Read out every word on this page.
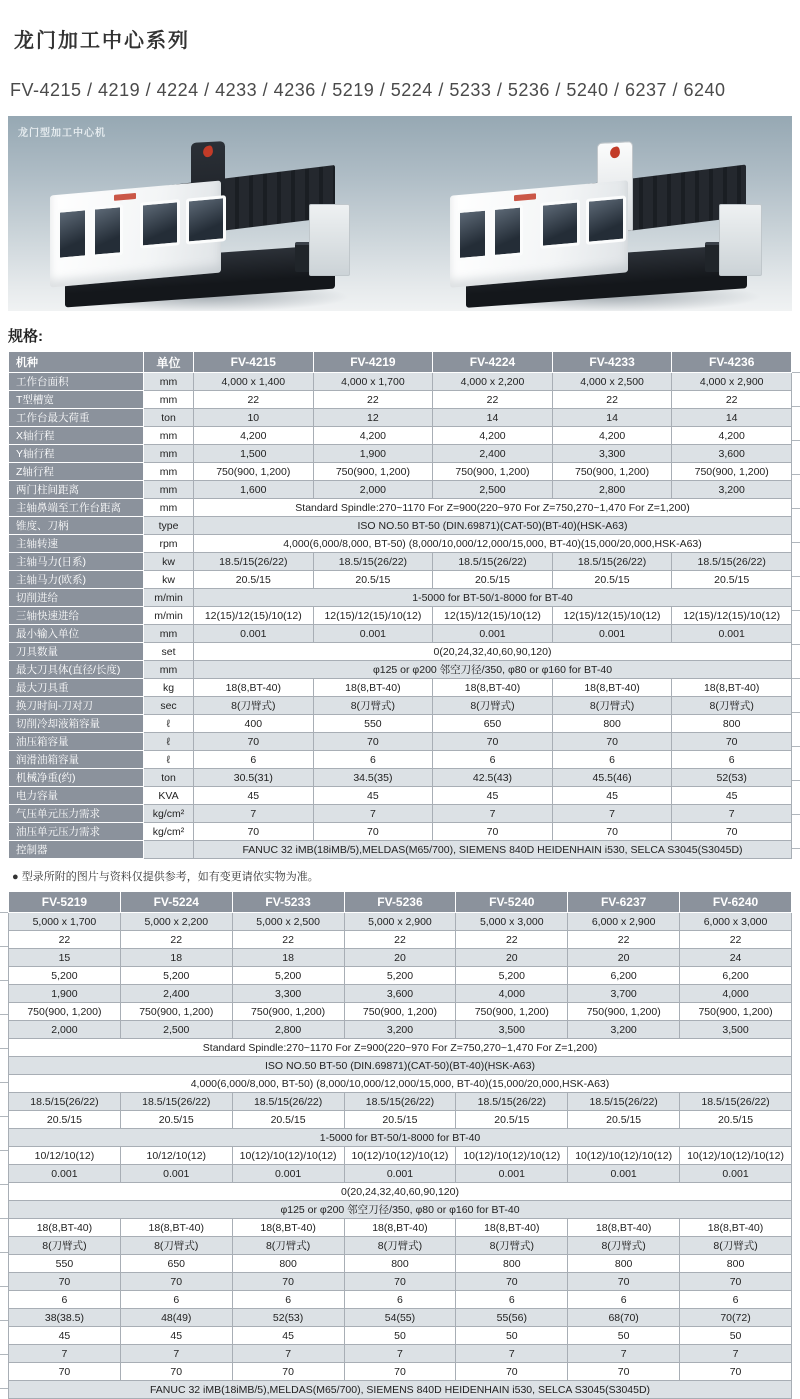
龙门加工中心系列
FV-4215 / 4219 / 4224 / 4233 / 4236 / 5219 / 5224 / 5233 / 5236 / 5240 / 6237 / 6240
龙门型加工中心机
规格:
机种	单位	FV-4215	FV-4219	FV-4224	FV-4233	FV-4236
工作台面积	mm	4,000 x 1,400	4,000 x 1,700	4,000 x 2,200	4,000 x 2,500	4,000 x 2,900
T型槽宽	mm	22	22	22	22	22
工作台最大荷重	ton	10	12	14	14	14
X轴行程	mm	4,200	4,200	4,200	4,200	4,200
Y轴行程	mm	1,500	1,900	2,400	3,300	3,600
Z轴行程	mm	750(900, 1,200)	750(900, 1,200)	750(900, 1,200)	750(900, 1,200)	750(900, 1,200)
两门柱间距离	mm	1,600	2,000	2,500	2,800	3,200
主轴鼻端至工作台距离	mm	Standard Spindle:270~1170 For Z=900(220~970 For Z=750,270~1,470 For Z=1,200)				
锥度、刀柄	type	ISO NO.50 BT-50 (DIN.69871)(CAT-50)(BT-40)(HSK-A63)				
主轴转速	rpm	4,000(6,000/8,000, BT-50) (8,000/10,000/12,000/15,000, BT-40)(15,000/20,000,HSK-A63)				
主轴马力(日系)	kw	18.5/15(26/22)	18.5/15(26/22)	18.5/15(26/22)	18.5/15(26/22)	18.5/15(26/22)
主轴马力(欧系)	kw	20.5/15	20.5/15	20.5/15	20.5/15	20.5/15
切削进给	m/min	1-5000 for BT-50/1-8000 for BT-40				
三轴快速进给	m/min	12(15)/12(15)/10(12)	12(15)/12(15)/10(12)	12(15)/12(15)/10(12)	12(15)/12(15)/10(12)	12(15)/12(15)/10(12)
最小输入单位	mm	0.001	0.001	0.001	0.001	0.001
刀具数量	set	0(20,24,32,40,60,90,120)				
最大刀具体(直径/长度)	mm	φ125 or φ200 邻空刀径/350, φ80 or φ160 for BT-40				
最大刀具重	kg	18(8,BT-40)	18(8,BT-40)	18(8,BT-40)	18(8,BT-40)	18(8,BT-40)
换刀时间-刀对刀	sec	8(刀臂式)	8(刀臂式)	8(刀臂式)	8(刀臂式)	8(刀臂式)
切削冷却液箱容量	ℓ	400	550	650	800	800
油压箱容量	ℓ	70	70	70	70	70
润滑油箱容量	ℓ	6	6	6	6	6
机械净重(约)	ton	30.5(31)	34.5(35)	42.5(43)	45.5(46)	52(53)
电力容量	KVA	45	45	45	45	45
气压单元压力需求	kg/cm²	7	7	7	7	7
油压单元压力需求	kg/cm²	70	70	70	70	70
控制器		FANUC 32 iMB(18iMB/5),MELDAS(M65/700), SIEMENS 840D HEIDENHAIN i530, SELCA S3045(S3045D)				
● 型录所附的图片与资料仅提供参考，如有变更请依实物为准。
FV-5219	FV-5224	FV-5233	FV-5236	FV-5240	FV-6237	FV-6240
5,000 x 1,700	5,000 x 2,200	5,000 x 2,500	5,000 x 2,900	5,000 x 3,000	6,000 x 2,900	6,000 x 3,000
22	22	22	22	22	22	22
15	18	18	20	20	20	24
5,200	5,200	5,200	5,200	5,200	6,200	6,200
1,900	2,400	3,300	3,600	4,000	3,700	4,000
750(900, 1,200)	750(900, 1,200)	750(900, 1,200)	750(900, 1,200)	750(900, 1,200)	750(900, 1,200)	750(900, 1,200)
2,000	2,500	2,800	3,200	3,500	3,200	3,500
Standard Spindle:270~1170 For Z=900(220~970 For Z=750,270~1,470 For Z=1,200)						
ISO NO.50 BT-50 (DIN.69871)(CAT-50)(BT-40)(HSK-A63)						
4,000(6,000/8,000, BT-50) (8,000/10,000/12,000/15,000, BT-40)(15,000/20,000,HSK-A63)						
18.5/15(26/22)	18.5/15(26/22)	18.5/15(26/22)	18.5/15(26/22)	18.5/15(26/22)	18.5/15(26/22)	18.5/15(26/22)
20.5/15	20.5/15	20.5/15	20.5/15	20.5/15	20.5/15	20.5/15
1-5000 for BT-50/1-8000 for BT-40						
10/12/10(12)	10/12/10(12)	10(12)/10(12)/10(12)	10(12)/10(12)/10(12)	10(12)/10(12)/10(12)	10(12)/10(12)/10(12)	10(12)/10(12)/10(12)
0.001	0.001	0.001	0.001	0.001	0.001	0.001
0(20,24,32,40,60,90,120)						
φ125 or φ200 邻空刀径/350, φ80 or φ160 for BT-40						
18(8,BT-40)	18(8,BT-40)	18(8,BT-40)	18(8,BT-40)	18(8,BT-40)	18(8,BT-40)	18(8,BT-40)
8(刀臂式)	8(刀臂式)	8(刀臂式)	8(刀臂式)	8(刀臂式)	8(刀臂式)	8(刀臂式)
550	650	800	800	800	800	800
70	70	70	70	70	70	70
6	6	6	6	6	6	6
38(38.5)	48(49)	52(53)	54(55)	55(56)	68(70)	70(72)
45	45	45	50	50	50	50
7	7	7	7	7	7	7
70	70	70	70	70	70	70
FANUC 32 iMB(18iMB/5),MELDAS(M65/700), SIEMENS 840D HEIDENHAIN i530, SELCA S3045(S3045D)						
